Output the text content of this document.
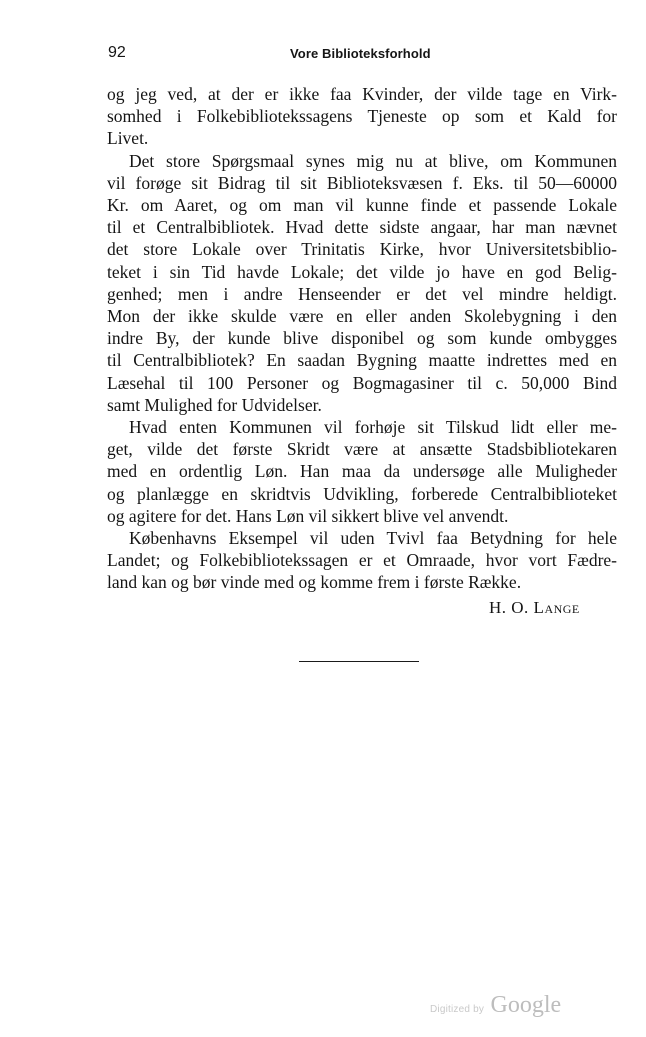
92	Vore Biblioteksforhold
og jeg ved, at der er ikke faa Kvinder, der vilde tage en Virk-
somhed i Folkebibliotekssagens Tjeneste op som et Kald for
Livet.
Det store Spørgsmaal synes mig nu at blive, om Kommunen
vil forøge sit Bidrag til sit Biblioteksvæsen f. Eks. til 50—60000
Kr. om Aaret, og om man vil kunne finde et passende Lokale
til et Centralbibliotek. Hvad dette sidste angaar, har man nævnet
det store Lokale over Trinitatis Kirke, hvor Universitetsbiblio-
teket i sin Tid havde Lokale; det vilde jo have en god Belig-
genhed; men i andre Henseender er det vel mindre heldigt.
Mon der ikke skulde være en eller anden Skolebygning i den
indre By, der kunde blive disponibel og som kunde ombygges
til Centralbibliotek? En saadan Bygning maatte indrettes med en
Læsehal til 100 Personer og Bogmagasiner til c. 50,000 Bind
samt Mulighed for Udvidelser.
Hvad enten Kommunen vil forhøje sit Tilskud lidt eller me-
get, vilde det første Skridt være at ansætte Stadsbibliotekaren
med en ordentlig Løn. Han maa da undersøge alle Muligheder
og planlægge en skridtvis Udvikling, forberede Centralbiblioteket
og agitere for det. Hans Løn vil sikkert blive vel anvendt.
Københavns Eksempel vil uden Tvivl faa Betydning for hele
Landet; og Folkebibliotekssagen er et Omraade, hvor vort Fædre-
land kan og bør vinde med og komme frem i første Række.
H. O. Lange
Digitized by Google
